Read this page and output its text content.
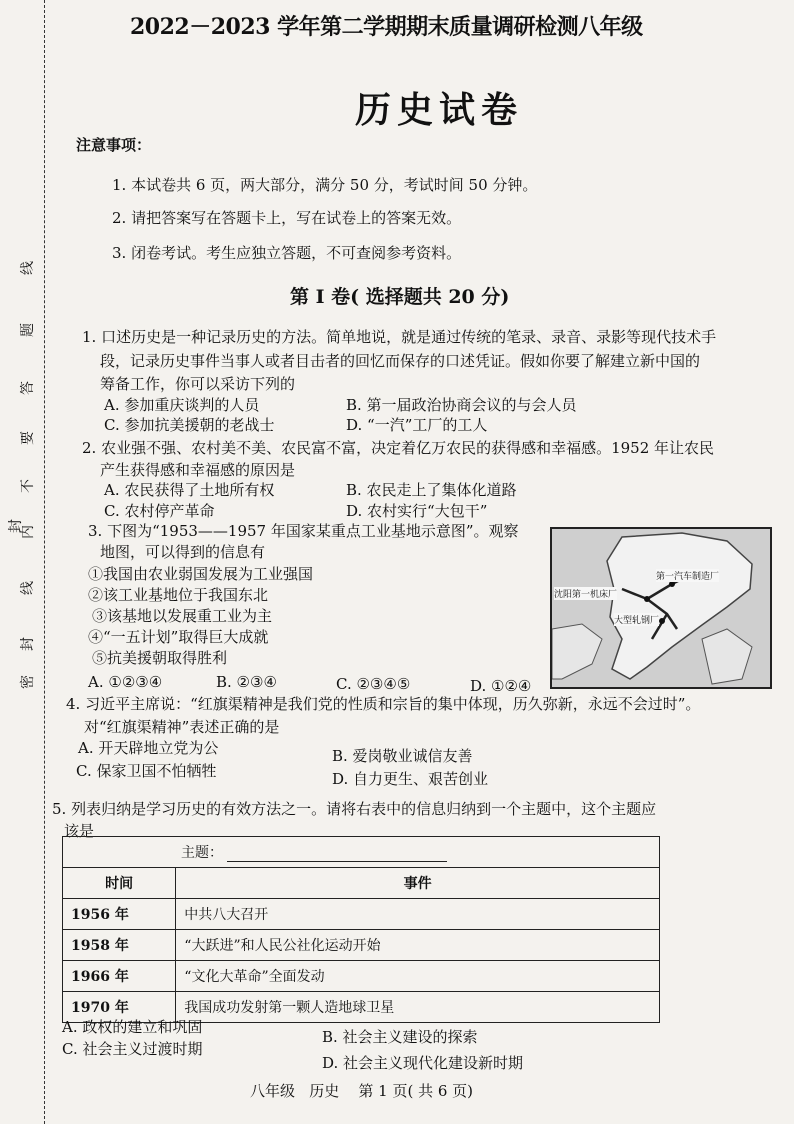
线
题
答
要
不
内
线
封
封
密
2022－2023 学年第二学期期末质量调研检测八年级
历史试卷
注意事项：
1. 本试卷共 6 页，两大部分，满分 50 分，考试时间 50 分钟。
2. 请把答案写在答题卡上，写在试卷上的答案无效。
3. 闭卷考试。考生应独立答题，不可查阅参考资料。
第 I 卷( 选择题共 20 分)
1. 口述历史是一种记录历史的方法。简单地说，就是通过传统的笔录、录音、录影等现代技术手
段，记录历史事件当事人或者目击者的回忆而保存的口述凭证。假如你要了解建立新中国的
筹备工作，你可以采访下列的
A. 参加重庆谈判的人员	B. 第一届政治协商会议的与会人员
C. 参加抗美援朝的老战士	D. “一汽”工厂的工人
2. 农业强不强、农村美不美、农民富不富，决定着亿万农民的获得感和幸福感。1952 年让农民
产生获得感和幸福感的原因是
A. 农民获得了土地所有权	B. 农民走上了集体化道路
C. 农村停产革命	D. 农村实行“大包干”
3. 下图为“1953——1957 年国家某重点工业基地示意图”。观察
地图，可以得到的信息有
①我国由农业弱国发展为工业强国
②该工业基地位于我国东北
③该基地以发展重工业为主
④“一五计划”取得巨大成就
⑤抗美援朝取得胜利
A. ①②③④	B. ②③④	C. ②③④⑤	D. ①②④
沈阳第一机床厂
第一汽车制造厂
大型轧钢厂
4. 习近平主席说：“红旗渠精神是我们党的性质和宗旨的集中体现，历久弥新，永远不会过时”。
对“红旗渠精神”表述正确的是
A. 开天辟地立党为公	B. 爱岗敬业诚信友善
C. 保家卫国不怕牺牲	D. 自力更生、艰苦创业
5. 列表归纳是学习历史的有效方法之一。请将右表中的信息归纳到一个主题中，这个主题应
该是
主题：	
时间	事件
1956 年	中共八大召开
1958 年	“大跃进”和人民公社化运动开始
1966 年	“文化大革命”全面发动
1970 年	我国成功发射第一颗人造地球卫星
A. 政权的建立和巩固
B. 社会主义建设的探索
C. 社会主义过渡时期
D. 社会主义现代化建设新时期
八年级   历史    第 1 页( 共 6 页)
